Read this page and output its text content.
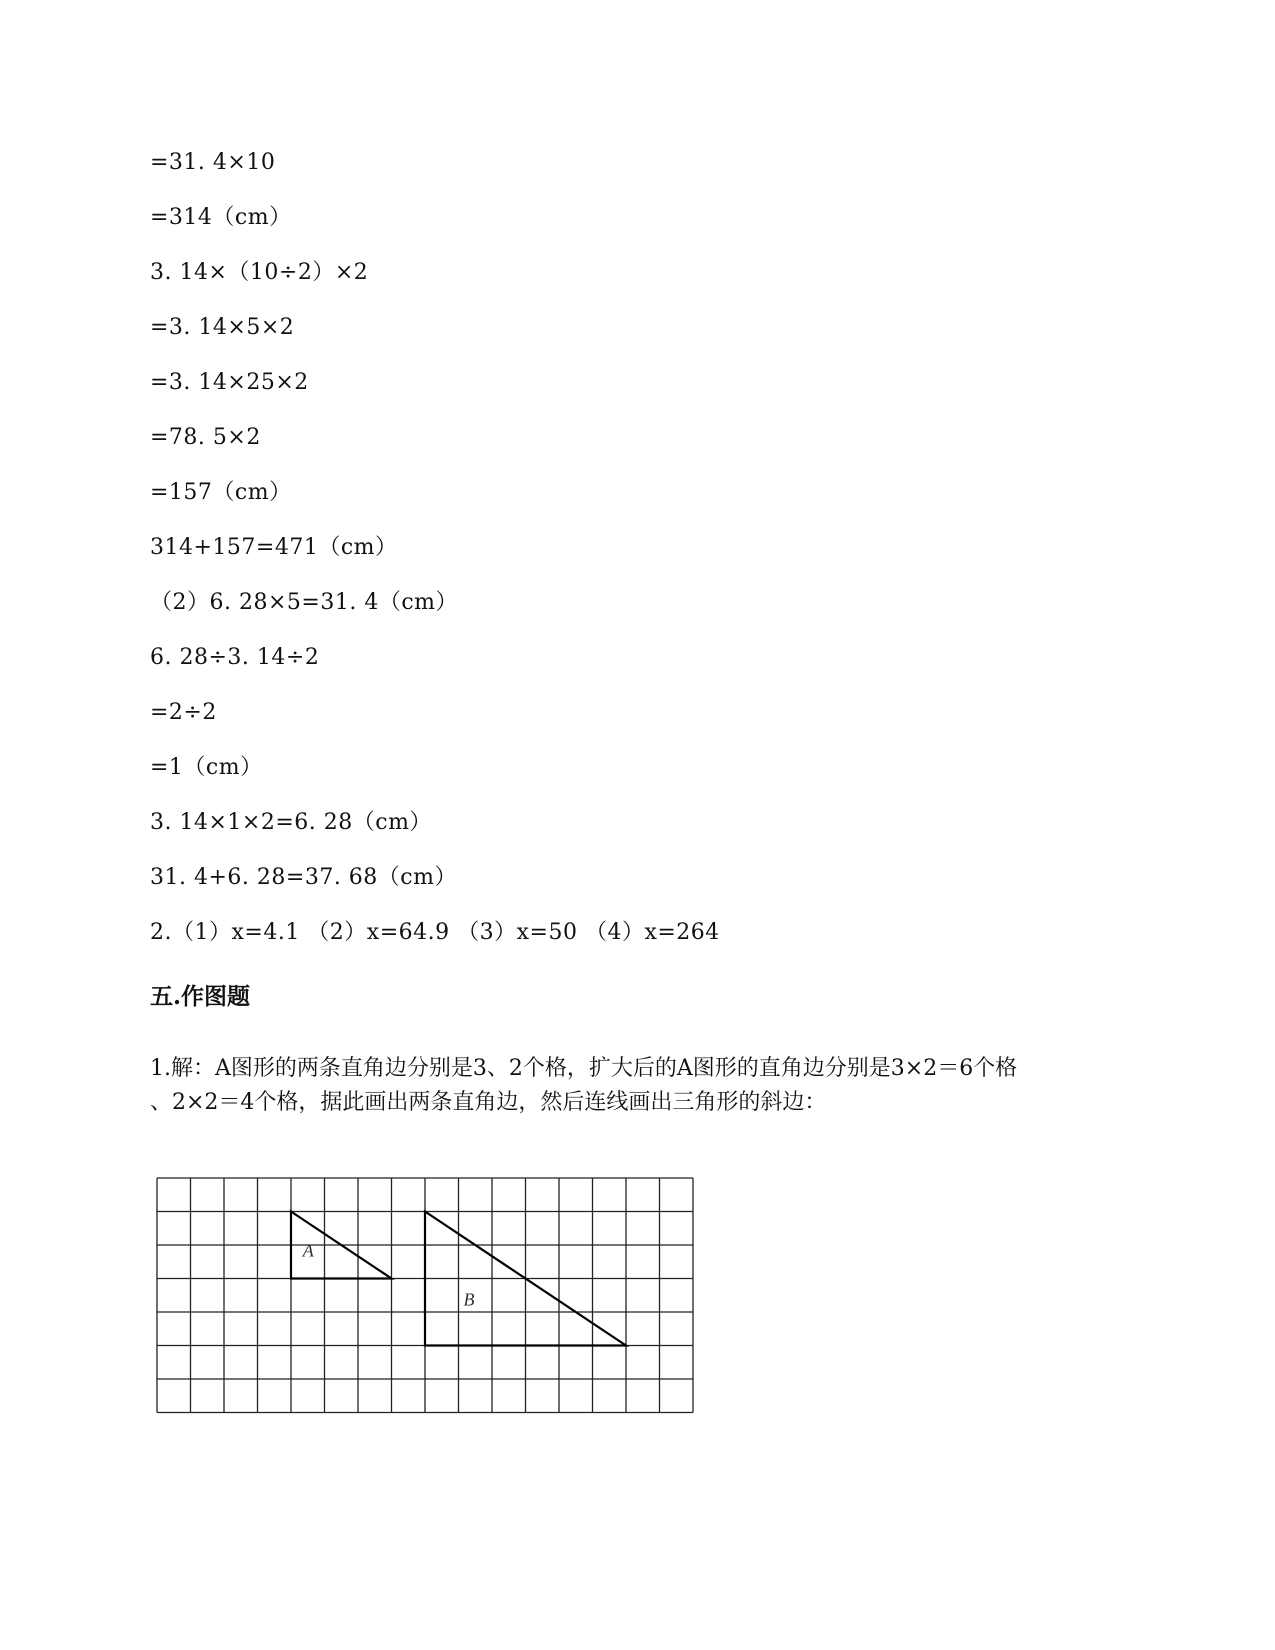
=31. 4×10
=314（cm）
3. 14×（10÷2）×2
=3. 14×5×2
=3. 14×25×2
=78. 5×2
=157（cm）
314+157=471（cm）
（2）6. 28×5=31. 4（cm）
6. 28÷3. 14÷2
=2÷2
=1（cm）
3. 14×1×2=6. 28（cm）
31. 4+6. 28=37. 68（cm）
2.（1）x=4.1 （2）x=64.9 （3）x=50 （4）x=264
五.作图题
1.解：A图形的两条直角边分别是3、2个格，扩大后的A图形的直角边分别是3×2＝6个格
、2×2＝4个格，据此画出两条直角边，然后连线画出三角形的斜边：
A
B
